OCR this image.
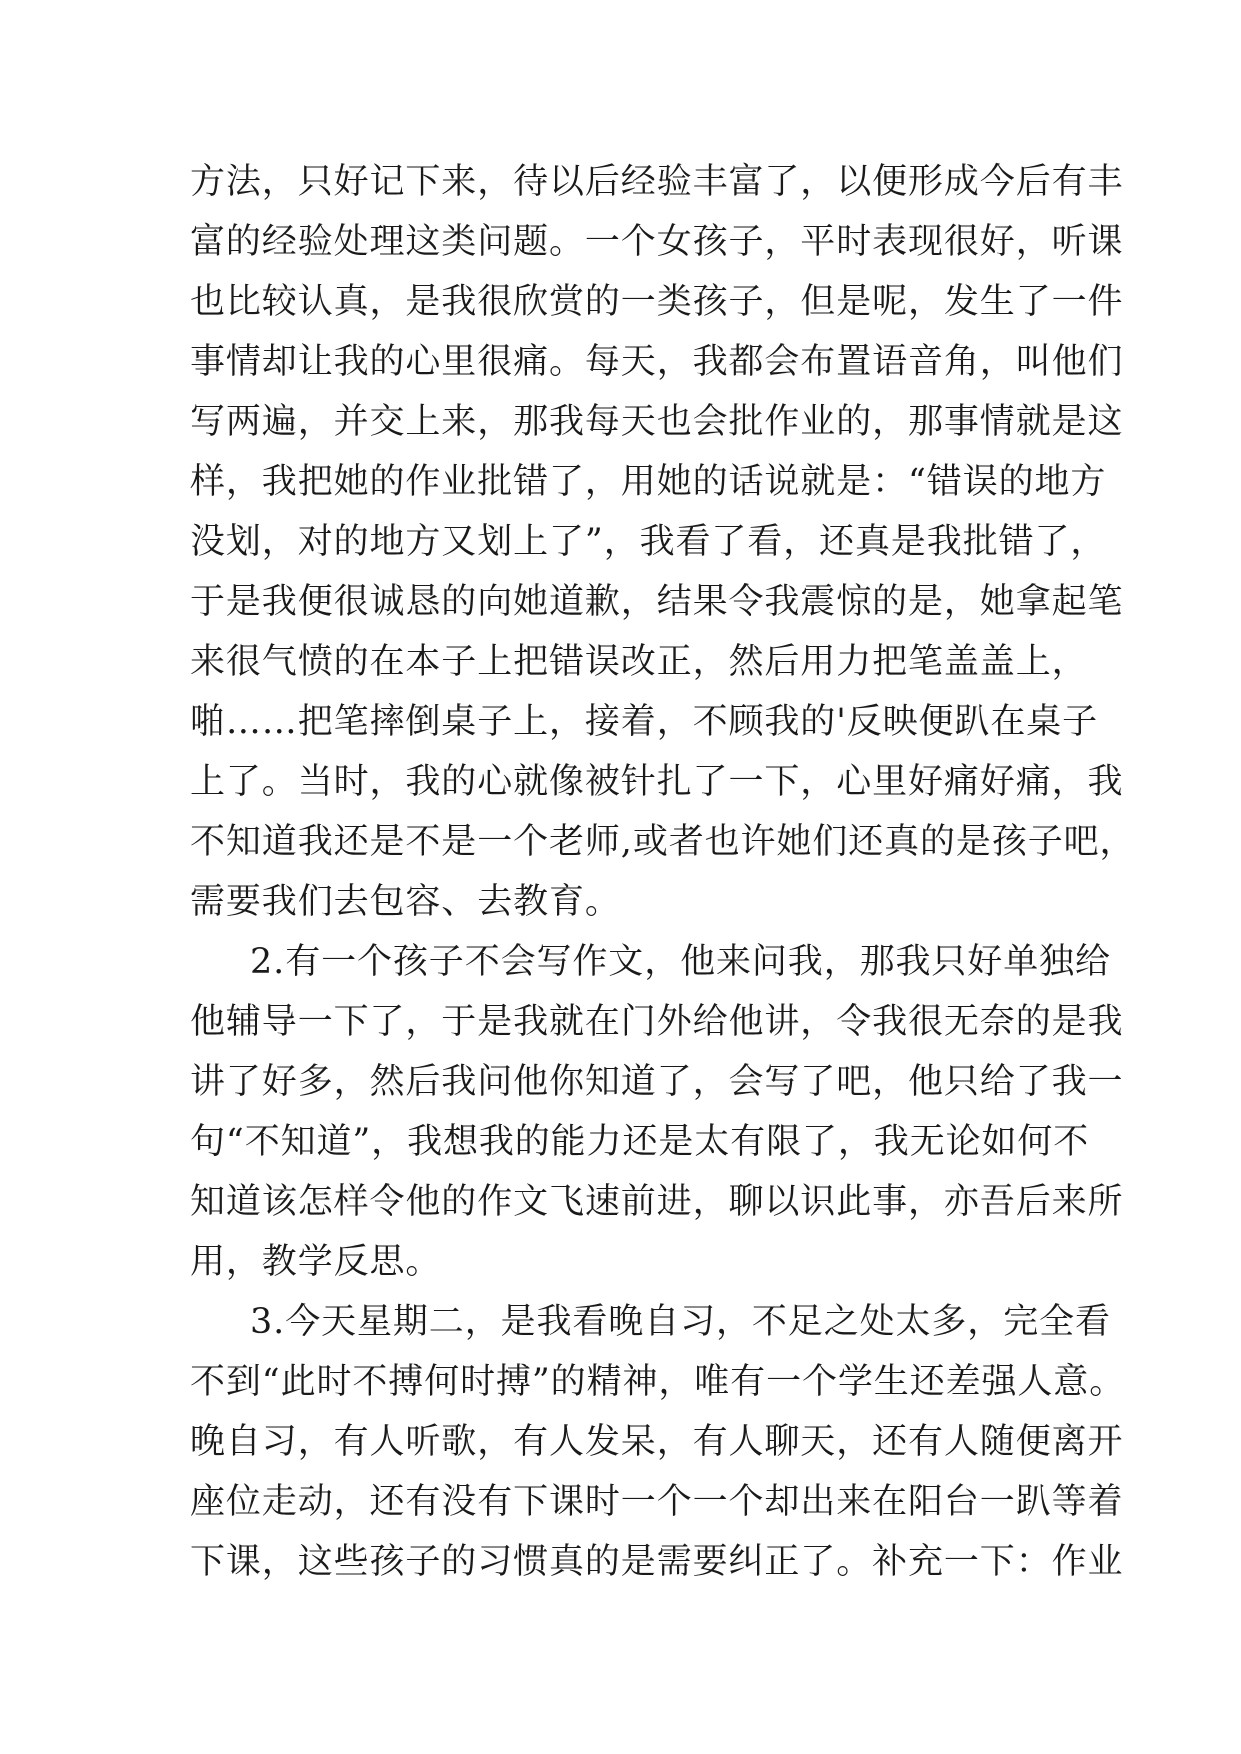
方法，只好记下来，待以后经验丰富了，以便形成今后有丰
富的经验处理这类问题。一个女孩子，平时表现很好，听课
也比较认真，是我很欣赏的一类孩子，但是呢，发生了一件
事情却让我的心里很痛。每天，我都会布置语音角，叫他们
写两遍，并交上来，那我每天也会批作业的，那事情就是这
样，我把她的作业批错了，用她的话说就是：“错误的地方
没划，对的地方又划上了”，我看了看，还真是我批错了，
于是我便很诚恳的向她道歉，结果令我震惊的是，她拿起笔
来很气愤的在本子上把错误改正，然后用力把笔盖盖上，
啪……把笔摔倒桌子上，接着，不顾我的'反映便趴在桌子
上了。当时，我的心就像被针扎了一下，心里好痛好痛，我
不知道我还是不是一个老师,或者也许她们还真的是孩子吧，
需要我们去包容、去教育。
2.有一个孩子不会写作文，他来问我，那我只好单独给
他辅导一下了，于是我就在门外给他讲，令我很无奈的是我
讲了好多，然后我问他你知道了，会写了吧，他只给了我一
句“不知道”，我想我的能力还是太有限了，我无论如何不
知道该怎样令他的作文飞速前进，聊以识此事，亦吾后来所
用，教学反思。
3.今天星期二，是我看晚自习，不足之处太多，完全看
不到“此时不搏何时搏”的精神，唯有一个学生还差强人意。
晚自习，有人听歌，有人发呆，有人聊天，还有人随便离开
座位走动，还有没有下课时一个一个却出来在阳台一趴等着
下课，这些孩子的习惯真的是需要纠正了。补充一下：作业
